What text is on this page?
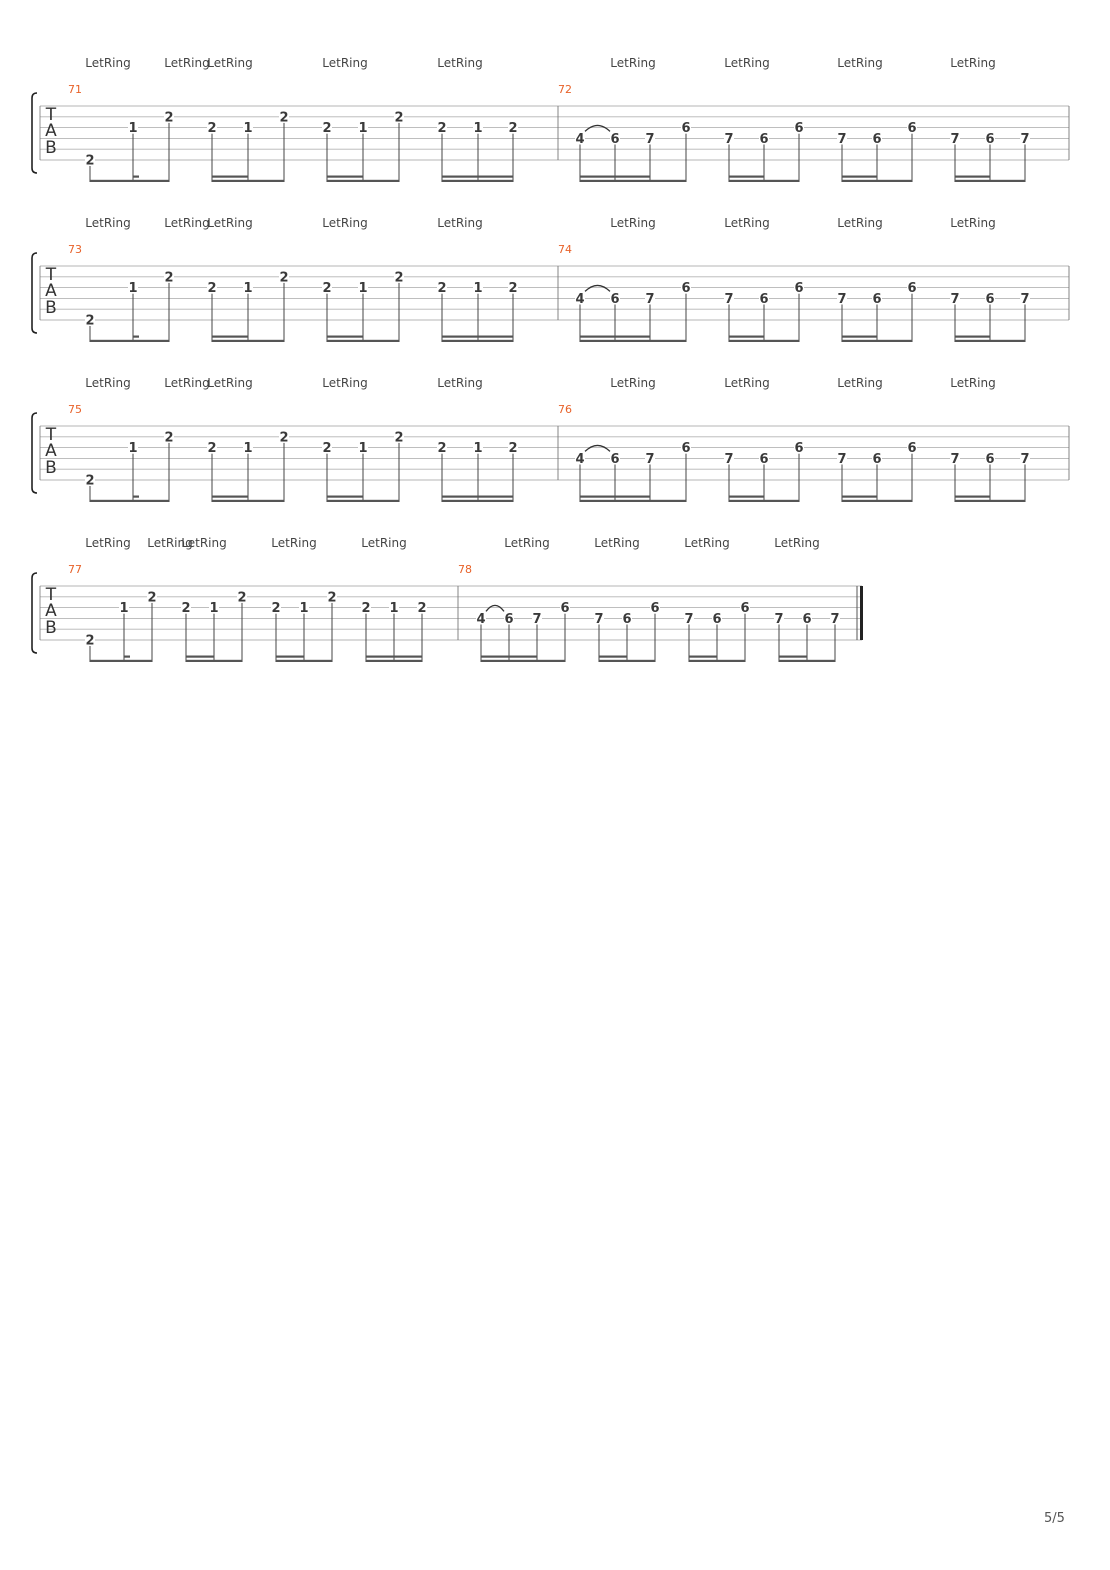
T
A
B
71
LetRing	LetRing
LetRing	LetRing	LetRing
2
1
2
2 1
2
2 1
2
2 1 2
72
LetRing	LetRing	LetRing	LetRing
4 6 7
6
7 6
6
7 6
6
7 6 7
T
A
B
73
LetRing	LetRing
LetRing	LetRing	LetRing
2
1
2
2 1
2
2 1
2
2 1 2
74
LetRing	LetRing	LetRing	LetRing
4 6 7
6
7 6
6
7 6
6
7 6 7
T
A
B
75
LetRing	LetRing
LetRing	LetRing	LetRing
2
1
2
2 1
2
2 1
2
2 1 2
76
LetRing	LetRing	LetRing	LetRing
4 6 7
6
7 6
6
7 6
6
7 6 7
T
A
B
77
LetRing LetRing
LetRing	LetRing	LetRing
2
1
2
2 1
2
2 1
2
2 1 2
78
LetRing	LetRing	LetRing	LetRing
4 6 7
6
7 6
6
7 6
6
7 6 7
5/5
